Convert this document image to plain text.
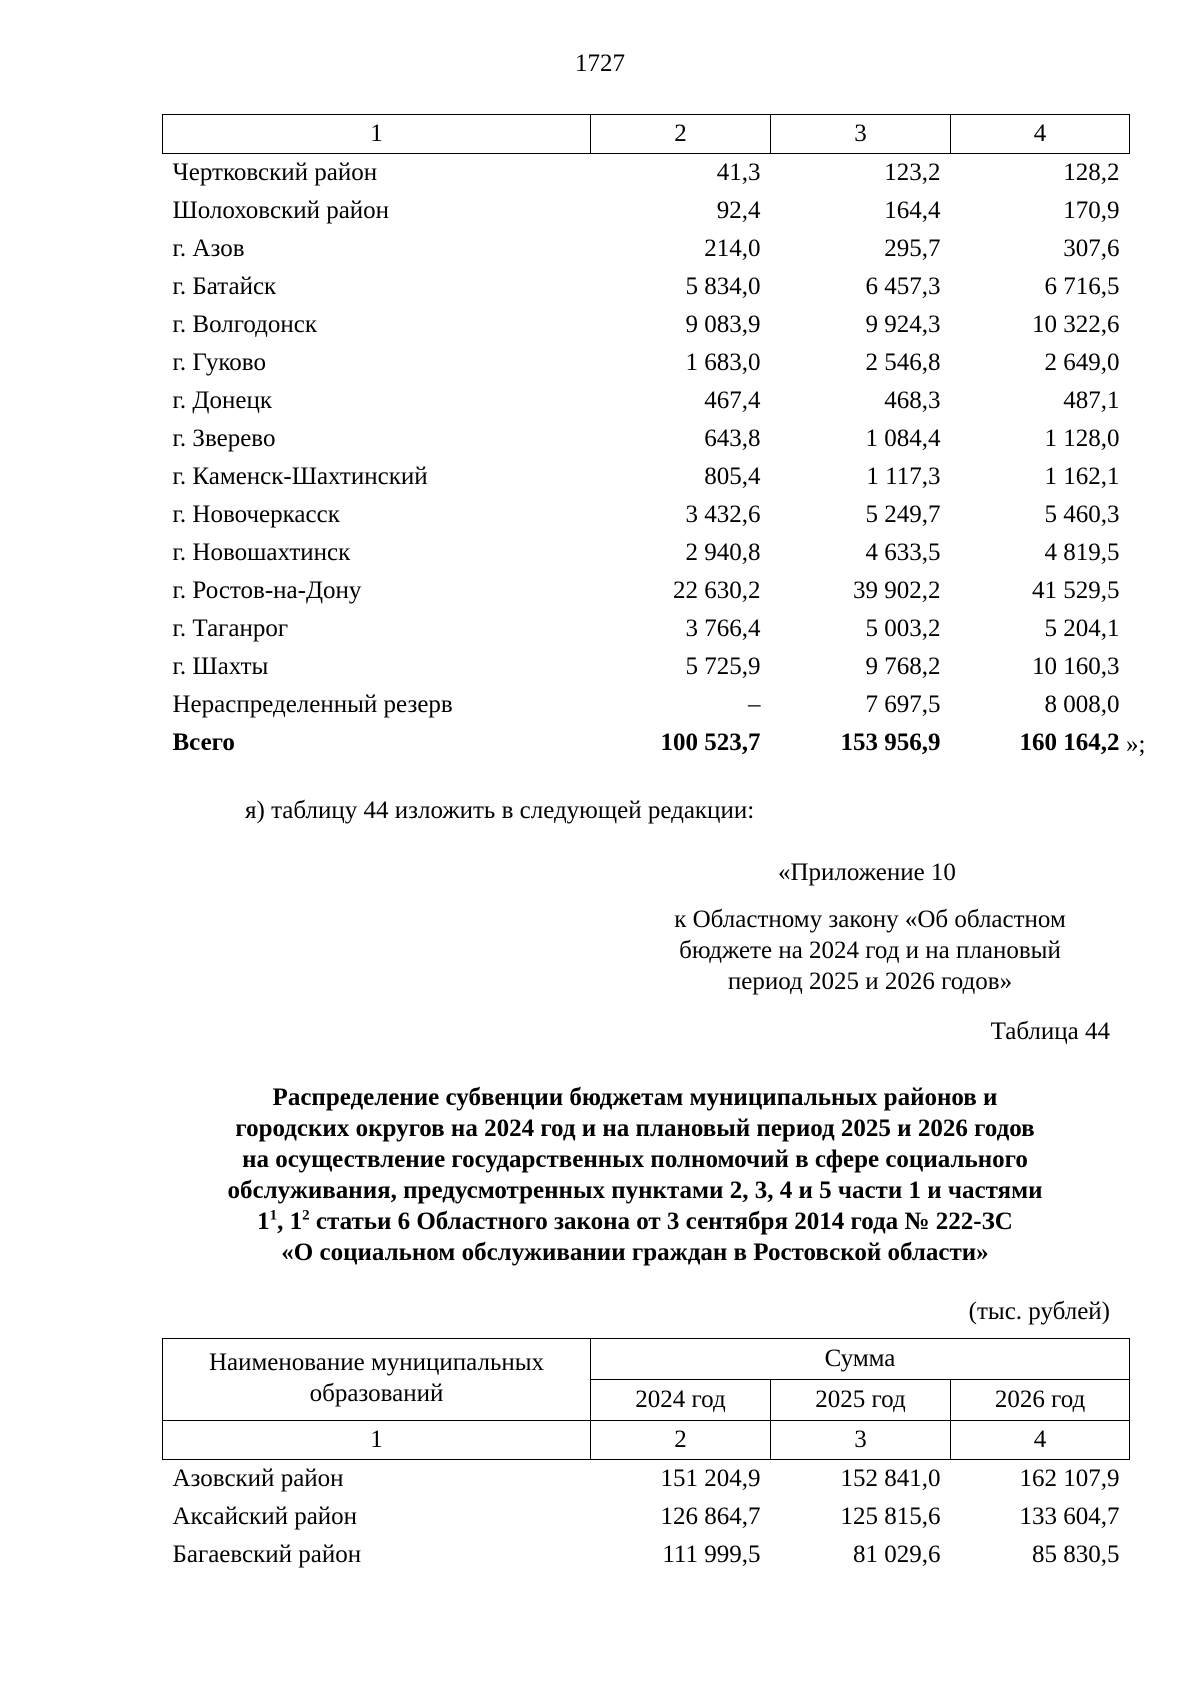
1727
1	2	3	4
Чертковский район	41,3	123,2	128,2
Шолоховский район	92,4	164,4	170,9
г. Азов	214,0	295,7	307,6
г. Батайск	5 834,0	6 457,3	6 716,5
г. Волгодонск	9 083,9	9 924,3	10 322,6
г. Гуково	1 683,0	2 546,8	2 649,0
г. Донецк	467,4	468,3	487,1
г. Зверево	643,8	1 084,4	1 128,0
г. Каменск-Шахтинский	805,4	1 117,3	1 162,1
г. Новочеркасск	3 432,6	5 249,7	5 460,3
г. Новошахтинск	2 940,8	4 633,5	4 819,5
г. Ростов-на-Дону	22 630,2	39 902,2	41 529,5
г. Таганрог	3 766,4	5 003,2	5 204,1
г. Шахты	5 725,9	9 768,2	10 160,3
Нераспределенный резерв	–	7 697,5	8 008,0
Всего	100 523,7	153 956,9	160 164,2 »;
я) таблицу 44 изложить в следующей редакции:
«Приложение 10
к Областному закону «Об областном
бюджете на 2024 год и на плановый
период 2025 и 2026 годов»
Таблица 44
Распределение субвенции бюджетам муниципальных районов и
городских округов на 2024 год и на плановый период 2025 и 2026 годов
на осуществление государственных полномочий в сфере социального
обслуживания, предусмотренных пунктами 2, 3, 4 и 5 части 1 и частями
$1^1$, $1^2$ статьи 6 Областного закона от 3 сентября 2014 года № 222-ЗС
«О социальном обслуживании граждан в Ростовской области»
(тыс. рублей)
Наименование муниципальных образований	Сумма		
	2024 год	2025 год	2026 год
1	2	3	4
Азовский район	151 204,9	152 841,0	162 107,9
Аксайский район	126 864,7	125 815,6	133 604,7
Багаевский район	111 999,5	81 029,6	85 830,5
